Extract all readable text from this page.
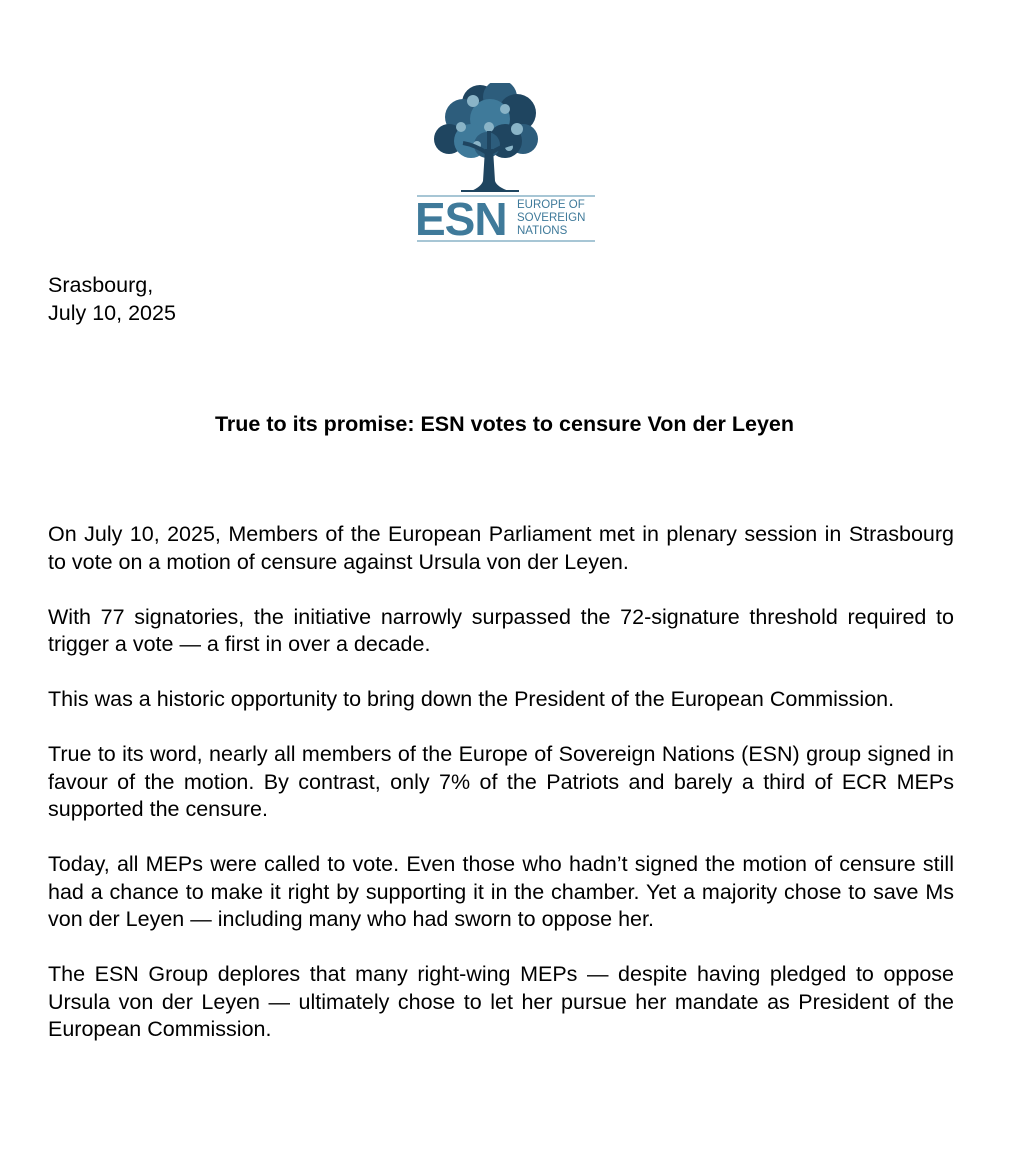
ESN EUROPE OF
SOVEREIGN
NATIONS
Srasbourg,
July 10, 2025
True to its promise: ESN votes to censure Von der Leyen

On July 10, 2025, Members of the European Parliament met in plenary session in Strasbourg to vote on a motion of censure against Ursula von der Leyen.

With 77 signatories, the initiative narrowly surpassed the 72-signature threshold required to trigger a vote — a first in over a decade.

This was a historic opportunity to bring down the President of the European Commission.

True to its word, nearly all members of the Europe of Sovereign Nations (ESN) group signed in favour of the motion. By contrast, only 7% of the Patriots and barely a third of ECR MEPs supported the censure.

Today, all MEPs were called to vote. Even those who hadn’t signed the motion of censure still had a chance to make it right by supporting it in the chamber. Yet a majority chose to save Ms von der Leyen — including many who had sworn to oppose her.

The ESN Group deplores that many right-wing MEPs — despite having pledged to oppose Ursula von der Leyen — ultimately chose to let her pursue her mandate as President of the European Commission.
